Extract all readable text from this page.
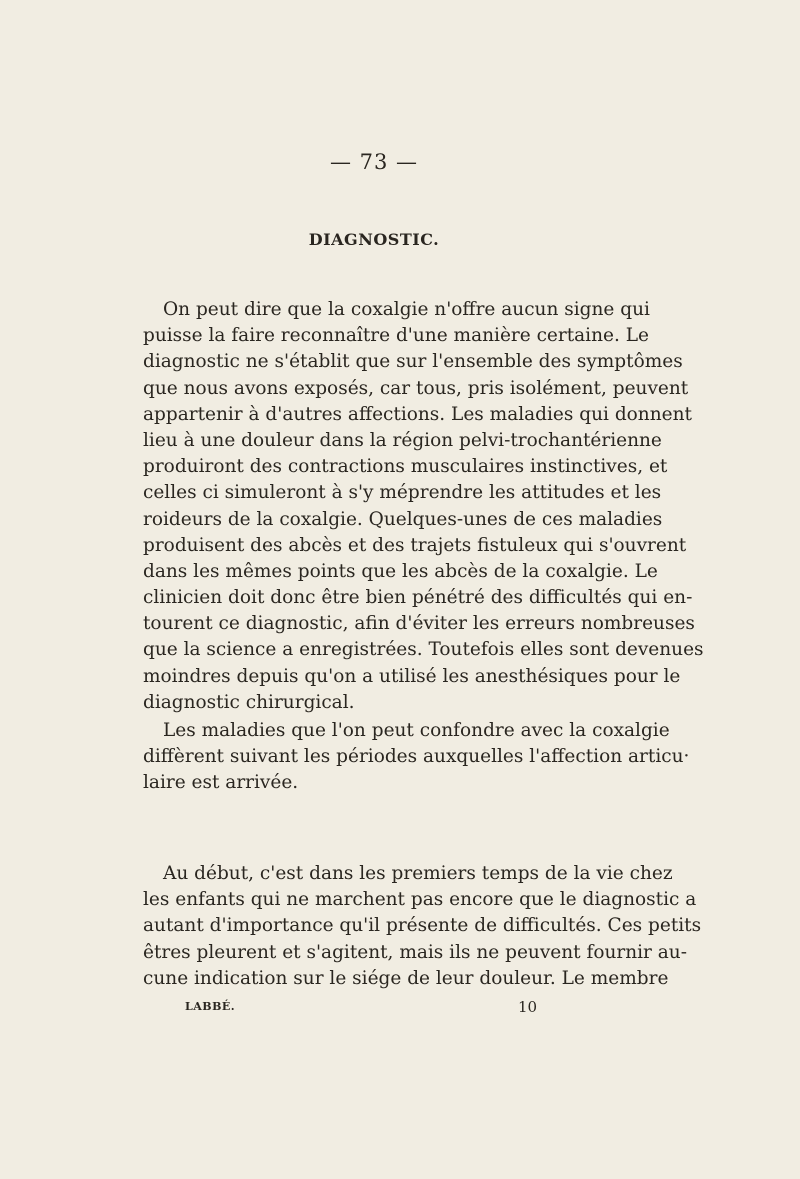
— 73 —
DIAGNOSTIC.
On peut dire que la coxalgie n'offre aucun signe qui
puisse la faire reconnaître d'une manière certaine. Le
diagnostic ne s'établit que sur l'ensemble des symptômes
que nous avons exposés, car tous, pris isolément, peuvent
appartenir à d'autres affections. Les maladies qui donnent
lieu à une douleur dans la région pelvi-trochantérienne
produiront des contractions musculaires instinctives, et
celles ci simuleront à s'y méprendre les attitudes et les
roideurs de la coxalgie. Quelques-unes de ces maladies
produisent des abcès et des trajets fistuleux qui s'ouvrent
dans les mêmes points que les abcès de la coxalgie. Le
clinicien doit donc être bien pénétré des difficultés qui en-
tourent ce diagnostic, afin d'éviter les erreurs nombreuses
que la science a enregistrées. Toutefois elles sont devenues
moindres depuis qu'on a utilisé les anesthésiques pour le
diagnostic chirurgical.
Les maladies que l'on peut confondre avec la coxalgie
diffèrent suivant les périodes auxquelles l'affection articu·
laire est arrivée.
Au début, c'est dans les premiers temps de la vie chez
les enfants qui ne marchent pas encore que le diagnostic a
autant d'importance qu'il présente de difficultés. Ces petits
êtres pleurent et s'agitent, mais ils ne peuvent fournir au-
cune indication sur le siége de leur douleur. Le membre
LABBÉ.	10
